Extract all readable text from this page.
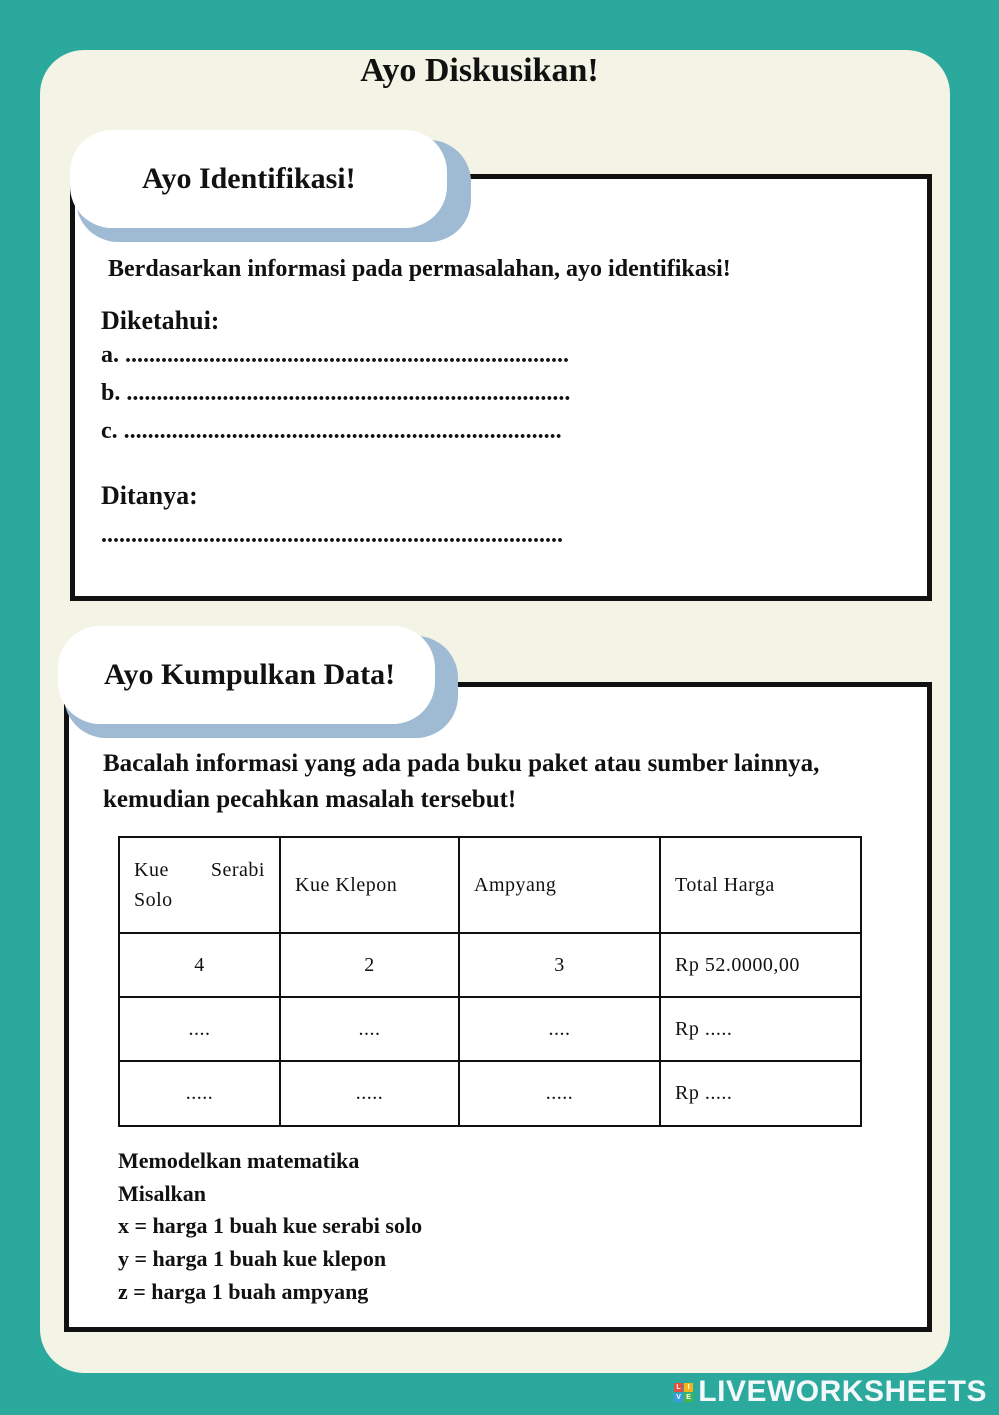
Ayo Diskusikan!
Ayo Identifikasi!
Berdasarkan informasi pada permasalahan, ayo identifikasi!
Diketahui:
a. ..........................................................................
b. ..........................................................................
c. .........................................................................
Ditanya:
.............................................................................
Ayo Kumpulkan Data!
Bacalah informasi yang ada pada buku paket atau sumber lainnya,
kemudian pecahkan masalah tersebut!
Kue Serabi Solo	Kue Klepon	Ampyang	Total Harga
4	2	3	Rp 52.0000,00
....	....	....	Rp .....
.....	.....	.....	Rp .....
Memodelkan matematika
Misalkan
x = harga 1 buah kue serabi solo
y = harga 1 buah kue klepon
z = harga 1 buah ampyang
L I
V E LIVEWORKSHEETS
